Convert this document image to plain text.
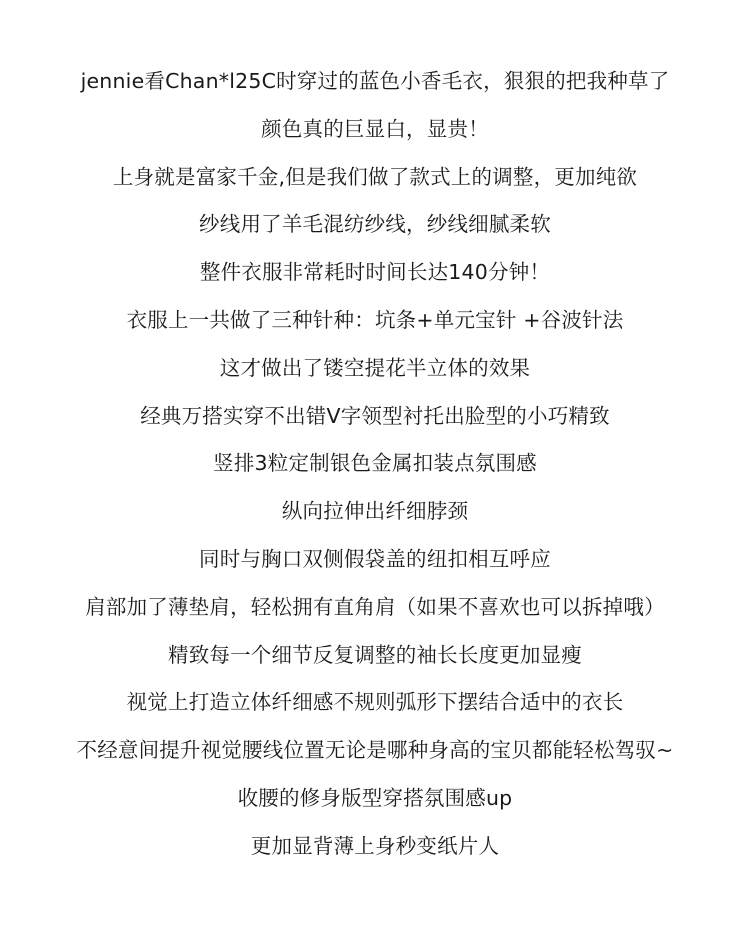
jennie看Chan*l25C时穿过的蓝色小香毛衣，狠狠的把我种草了
颜色真的巨显白，显贵！
上身就是富家千金,但是我们做了款式上的调整，更加纯欲
纱线用了羊毛混纺纱线，纱线细腻柔软
整件衣服非常耗时时间长达140分钟！
衣服上一共做了三种针种：坑条+单元宝针 +谷波针法
这才做出了镂空提花半立体的效果
经典万搭实穿不出错V字领型衬托出脸型的小巧精致
竖排3粒定制银色金属扣装点氛围感
纵向拉伸出纤细脖颈
同时与胸口双侧假袋盖的纽扣相互呼应
肩部加了薄垫肩，轻松拥有直角肩（如果不喜欢也可以拆掉哦）
精致每一个细节反复调整的袖长长度更加显瘦
视觉上打造立体纤细感不规则弧形下摆结合适中的衣长
不经意间提升视觉腰线位置无论是哪种身高的宝贝都能轻松驾驭~
收腰的修身版型穿搭氛围感up
更加显背薄上身秒变纸片人
